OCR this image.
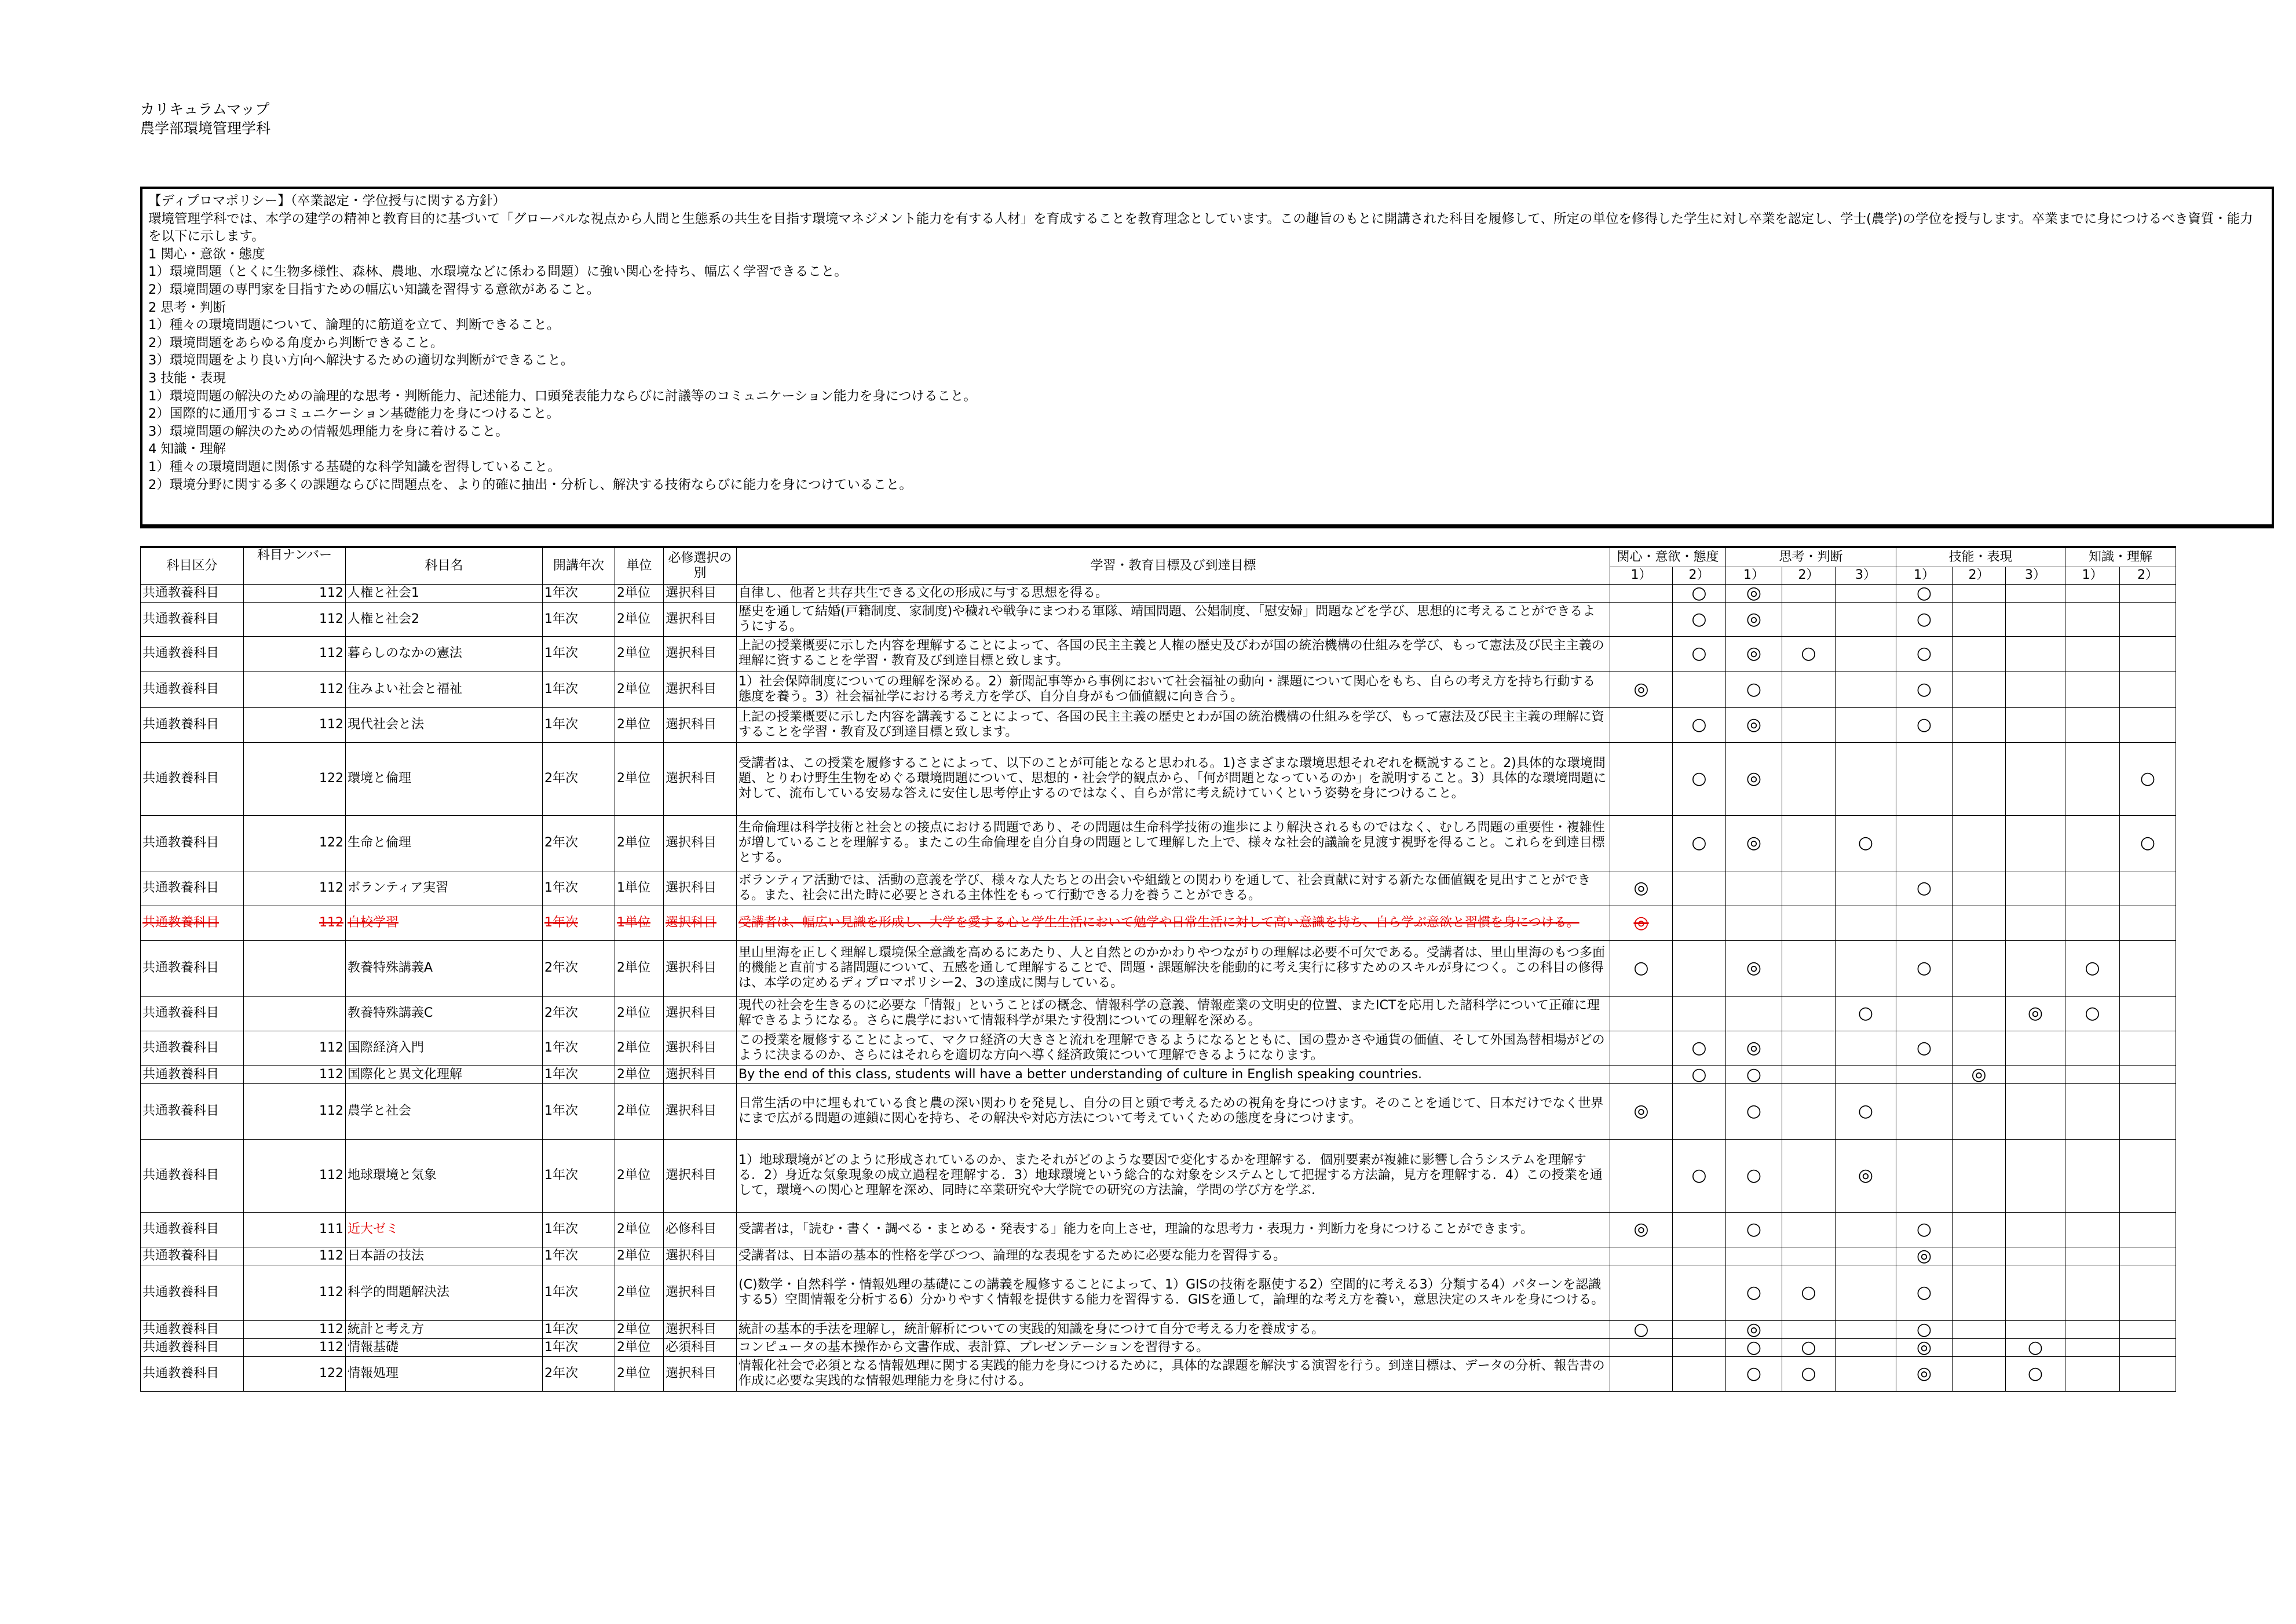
カリキュラムマップ
農学部環境管理学科
【ディプロマポリシー】（卒業認定・学位授与に関する方針）
環境管理学科では、本学の建学の精神と教育目的に基づいて「グローバルな視点から人間と生態系の共生を目指す環境マネジメント能力を有する人材」を育成することを教育理念としています。この趣旨のもとに開講された科目を履修して、所定の単位を修得した学生に対し卒業を認定し、学士(農学)の学位を授与します。卒業までに身につけるべき資質・能力を以下に示します。
1 関心・意欲・態度
1）環境問題（とくに生物多様性、森林、農地、水環境などに係わる問題）に強い関心を持ち、幅広く学習できること。
2）環境問題の専門家を目指すための幅広い知識を習得する意欲があること。
2 思考・判断
1）種々の環境問題について、論理的に筋道を立て、判断できること。
2）環境問題をあらゆる角度から判断できること。
3）環境問題をより良い方向へ解決するための適切な判断ができること。
3 技能・表現
1）環境問題の解決のための論理的な思考・判断能力、記述能力、口頭発表能力ならびに討議等のコミュニケーション能力を身につけること。
2）国際的に通用するコミュニケーション基礎能力を身につけること。
3）環境問題の解決のための情報処理能力を身に着けること。
4 知識・理解
1）種々の環境問題に関係する基礎的な科学知識を習得していること。
2）環境分野に関する多くの課題ならびに問題点を、より的確に抽出・分析し、解決する技術ならびに能力を身につけていること。
科目区分	科目ナンバー	科目名	開講年次	単位	必修選択の別	学習・教育目標及び到達目標	関心・意欲・態度		思考・判断			技能・表現			知識・理解	
							1）	2）	1）	2）	3）	1）	2）	3）	1）	2）
共通教養科目	112	人権と社会1	1年次	2単位	選択科目	自律し、他者と共存共生できる文化の形成に与する思想を得る。		○	◎			○				
共通教養科目	112	人権と社会2	1年次	2単位	選択科目	歴史を通して結婚(戸籍制度、家制度)や穢れや戦争にまつわる軍隊、靖国問題、公娼制度、「慰安婦」問題などを学び、思想的に考えることができるようにする。		○	◎			○				
共通教養科目	112	暮らしのなかの憲法	1年次	2単位	選択科目	上記の授業概要に示した内容を理解することによって、各国の民主主義と人権の歴史及びわが国の統治機構の仕組みを学び、もって憲法及び民主主義の理解に資することを学習・教育及び到達目標と致します。		○	◎	○		○				
共通教養科目	112	住みよい社会と福祉	1年次	2単位	選択科目	1）社会保障制度についての理解を深める。2）新聞記事等から事例において社会福祉の動向・課題について関心をもち、自らの考え方を持ち行動する態度を養う。3）社会福祉学における考え方を学び、自分自身がもつ価値観に向き合う。	◎		○			○				
共通教養科目	112	現代社会と法	1年次	2単位	選択科目	上記の授業概要に示した内容を講義することによって、各国の民主主義の歴史とわが国の統治機構の仕組みを学び、もって憲法及び民主主義の理解に資することを学習・教育及び到達目標と致します。		○	◎			○				
共通教養科目	122	環境と倫理	2年次	2単位	選択科目	受講者は、この授業を履修することによって、以下のことが可能となると思われる。1)さまざまな環境思想それぞれを概説すること。2)具体的な環境問題、とりわけ野生生物をめぐる環境問題について、思想的・社会学的観点から、「何が問題となっているのか」を説明すること。3）具体的な環境問題に対して、流布している安易な答えに安住し思考停止するのではなく、自らが常に考え続けていくという姿勢を身につけること。		○	◎							○
共通教養科目	122	生命と倫理	2年次	2単位	選択科目	生命倫理は科学技術と社会との接点における問題であり、その問題は生命科学技術の進歩により解決されるものではなく、むしろ問題の重要性・複雑性が増していることを理解する。またこの生命倫理を自分自身の問題として理解した上で、様々な社会的議論を見渡す視野を得ること。これらを到達目標とする。		○	◎		○					○
共通教養科目	112	ボランティア実習	1年次	1単位	選択科目	ボランティア活動では、活動の意義を学び、様々な人たちとの出会いや組織との関わりを通して、社会貢献に対する新たな価値観を見出すことができる。また、社会に出た時に必要とされる主体性をもって行動できる力を養うことができる。	◎					○				
共通教養科目	112	自校学習	1年次	1単位	選択科目	受講者は、幅広い見識を形成し、大学を愛する心と学生生活において勉学や日常生活に対して高い意識を持ち、自ら学ぶ意欲と習慣を身につける。	◎									
共通教養科目		教養特殊講義A	2年次	2単位	選択科目	里山里海を正しく理解し環境保全意識を高めるにあたり、人と自然とのかかわりやつながりの理解は必要不可欠である。受講者は、里山里海のもつ多面的機能と直前する諸問題について、五感を通して理解することで、問題・課題解決を能動的に考え実行に移すためのスキルが身につく。この科目の修得は、本学の定めるディプロマポリシー2、3の達成に関与している。	○		◎			○			○	
共通教養科目		教養特殊講義C	2年次	2単位	選択科目	現代の社会を生きるのに必要な「情報」ということばの概念、情報科学の意義、情報産業の文明史的位置、またICTを応用した諸科学について正確に理解できるようになる。さらに農学において情報科学が果たす役割についての理解を深める。					○			◎	○	
共通教養科目	112	国際経済入門	1年次	2単位	選択科目	この授業を履修することによって、マクロ経済の大きさと流れを理解できるようになるとともに、国の豊かさや通貨の価値、そして外国為替相場がどのように決まるのか、さらにはそれらを適切な方向へ導く経済政策について理解できるようになります。		○	◎			○				
共通教養科目	112	国際化と異文化理解	1年次	2単位	選択科目	By the end of this class, students will have a better understanding of culture in English speaking countries.		○	○				◎			
共通教養科目	112	農学と社会	1年次	2単位	選択科目	日常生活の中に埋もれている食と農の深い関わりを発見し、自分の目と頭で考えるための視角を身につけます。そのことを通じて、日本だけでなく世界にまで広がる問題の連鎖に関心を持ち、その解決や対応方法について考えていくための態度を身につけます。	◎		○		○					
共通教養科目	112	地球環境と気象	1年次	2単位	選択科目	1）地球環境がどのように形成されているのか、またそれがどのような要因で変化するかを理解する．個別要素が複雑に影響し合うシステムを理解する．2）身近な気象現象の成立過程を理解する．3）地球環境という総合的な対象をシステムとして把握する方法論，見方を理解する．4）この授業を通して，環境への関心と理解を深め、同時に卒業研究や大学院での研究の方法論，学問の学び方を学ぶ．		○	○		◎					
共通教養科目	111	近大ゼミ	1年次	2単位	必修科目	受講者は，「読む・書く・調べる・まとめる・発表する」能力を向上させ，理論的な思考力・表現力・判断力を身につけることができます。	◎		○			○				
共通教養科目	112	日本語の技法	1年次	2単位	選択科目	受講者は、日本語の基本的性格を学びつつ、論理的な表現をするために必要な能力を習得する。						◎				
共通教養科目	112	科学的問題解決法	1年次	2単位	選択科目	(C)数学・自然科学・情報処理の基礎にこの講義を履修することによって、1）GISの技術を駆使する2）空間的に考える3）分類する4）パターンを認識する5）空間情報を分析する6）分かりやすく情報を提供する能力を習得する．GISを通して，論理的な考え方を養い，意思決定のスキルを身につける。			○	○		○				
共通教養科目	112	統計と考え方	1年次	2単位	選択科目	統計の基本的手法を理解し，統計解析についての実践的知識を身につけて自分で考える力を養成する。	○		◎			○				
共通教養科目	112	情報基礎	1年次	2単位	必須科目	コンピュータの基本操作から文書作成、表計算、プレゼンテーションを習得する。			○	○		◎		○		
共通教養科目	122	情報処理	2年次	2単位	選択科目	情報化社会で必須となる情報処理に関する実践的能力を身につけるために，具体的な課題を解決する演習を行う。到達目標は、データの分析、報告書の作成に必要な実践的な情報処理能力を身に付ける。			○	○		◎		○		
